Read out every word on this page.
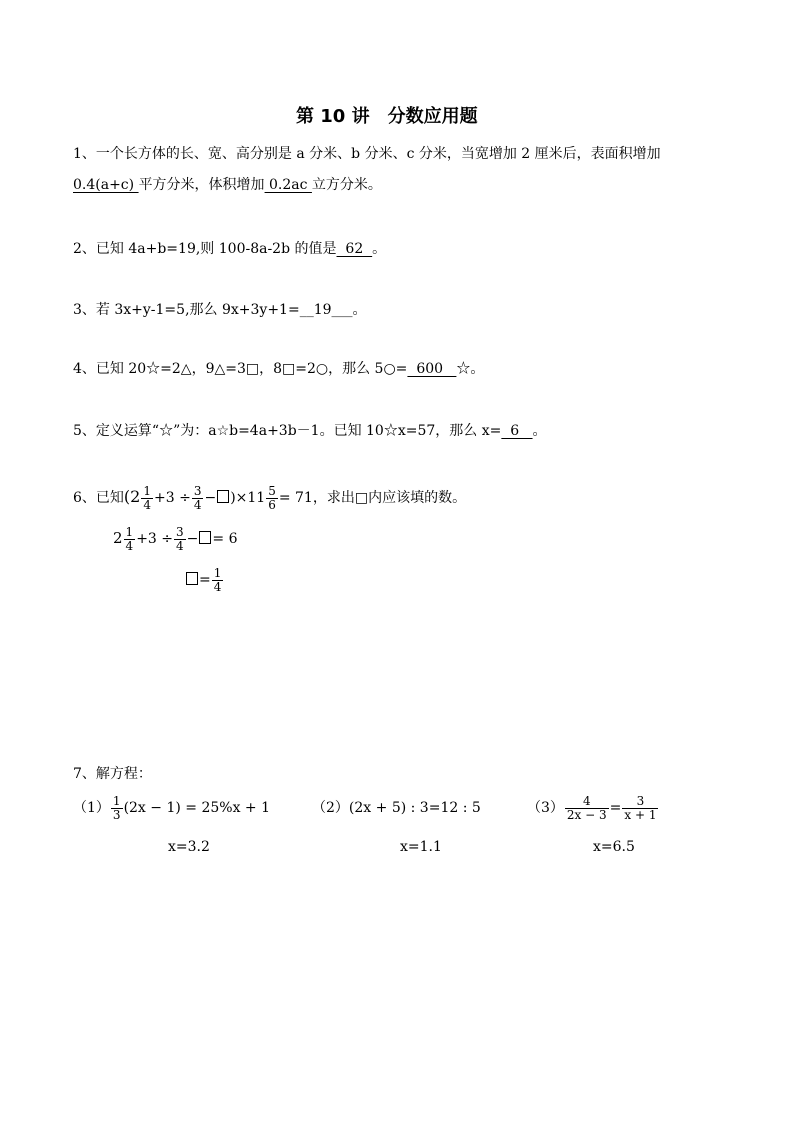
第 10 讲　分数应用题
1、一个长方体的长、宽、高分别是 a 分米、b 分米、c 分米，当宽增加 2 厘米后，表面积增加
0.4(a+c) 平方分米，体积增加 0.2ac 立方分米。
2、已知 4a+b=19,则 100-8a-2b 的值是  62  。
3、若 3x+y-1=5,那么 9x+3y+1=__19___。
4、已知 20☆=2△，9△=3□，8□=2○，那么 5○=  600   ☆。
5、定义运算“☆”为：a☆b=4a+3b－1。已知 10☆x=57，那么 x=  6   。
6、已知$(2 \frac{1}{4} +3 \div \frac{3}{4} - )\times 11 \frac{5}{6} = 71$，求出□内应该填的数。
$2 \frac{1}{4} +3 \div \frac{3}{4}$ − = 6
= $\frac{1}{4}$
7、解方程：
$(1) \frac{1}{3} (2x - 1) = 25\%x + 1$	（2）(2x + 5) : 3=12 : 5	$(3) \frac{4}{2x - 3} = \frac{3}{x + 1}$
x=3.2	x=1.1	x=6.5
